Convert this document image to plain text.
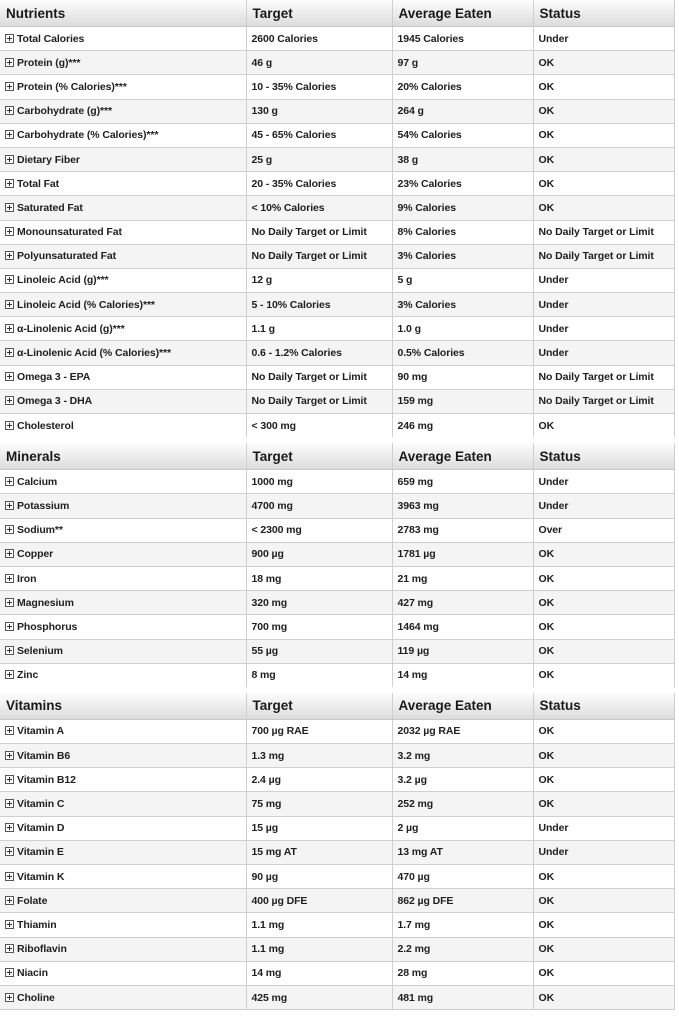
Nutrients	Target	Average Eaten	Status
Total Calories	2600 Calories	1945 Calories	Under
Protein (g)***	46 g	97 g	OK
Protein (% Calories)***	10 - 35% Calories	20% Calories	OK
Carbohydrate (g)***	130 g	264 g	OK
Carbohydrate (% Calories)***	45 - 65% Calories	54% Calories	OK
Dietary Fiber	25 g	38 g	OK
Total Fat	20 - 35% Calories	23% Calories	OK
Saturated Fat	< 10% Calories	9% Calories	OK
Monounsaturated Fat	No Daily Target or Limit	8% Calories	No Daily Target or Limit
Polyunsaturated Fat	No Daily Target or Limit	3% Calories	No Daily Target or Limit
Linoleic Acid (g)***	12 g	5 g	Under
Linoleic Acid (% Calories)***	5 - 10% Calories	3% Calories	Under
α-Linolenic Acid (g)***	1.1 g	1.0 g	Under
α-Linolenic Acid (% Calories)***	0.6 - 1.2% Calories	0.5% Calories	Under
Omega 3 - EPA	No Daily Target or Limit	90 mg	No Daily Target or Limit
Omega 3 - DHA	No Daily Target or Limit	159 mg	No Daily Target or Limit
Cholesterol	< 300 mg	246 mg	OK
Minerals	Target	Average Eaten	Status
Calcium	1000 mg	659 mg	Under
Potassium	4700 mg	3963 mg	Under
Sodium**	< 2300 mg	2783 mg	Over
Copper	900 µg	1781 µg	OK
Iron	18 mg	21 mg	OK
Magnesium	320 mg	427 mg	OK
Phosphorus	700 mg	1464 mg	OK
Selenium	55 µg	119 µg	OK
Zinc	8 mg	14 mg	OK
Vitamins	Target	Average Eaten	Status
Vitamin A	700 µg RAE	2032 µg RAE	OK
Vitamin B6	1.3 mg	3.2 mg	OK
Vitamin B12	2.4 µg	3.2 µg	OK
Vitamin C	75 mg	252 mg	OK
Vitamin D	15 µg	2 µg	Under
Vitamin E	15 mg AT	13 mg AT	Under
Vitamin K	90 µg	470 µg	OK
Folate	400 µg DFE	862 µg DFE	OK
Thiamin	1.1 mg	1.7 mg	OK
Riboflavin	1.1 mg	2.2 mg	OK
Niacin	14 mg	28 mg	OK
Choline	425 mg	481 mg	OK
